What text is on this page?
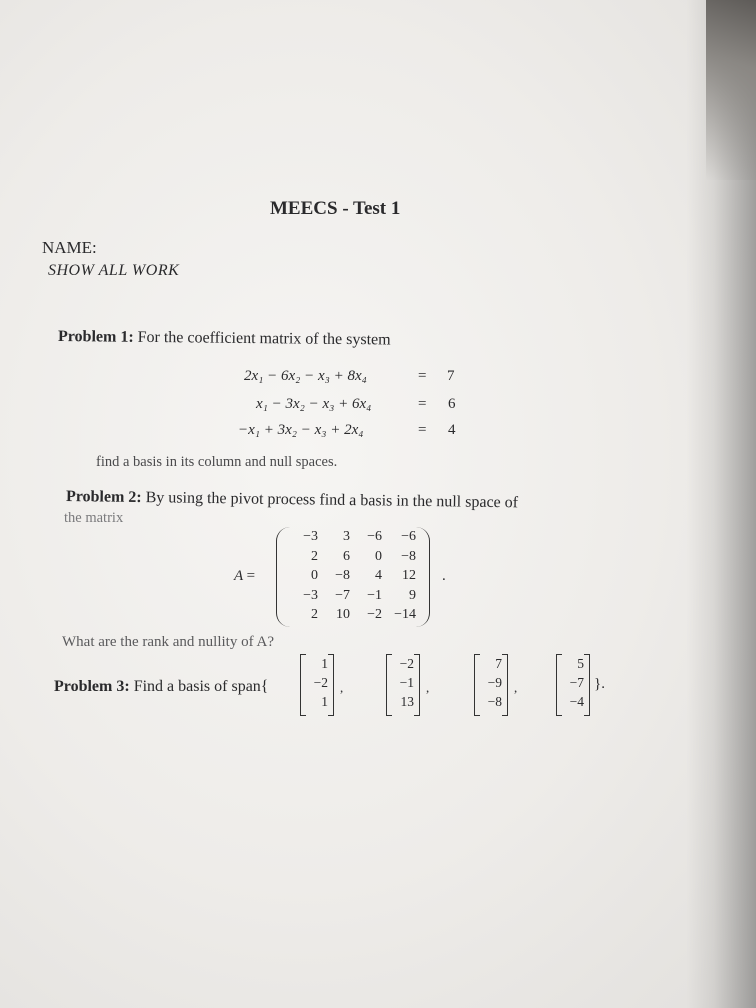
MEECS - Test 1
NAME:
SHOW ALL WORK
Problem 1: For the coefficient matrix of the system
2x₁ − 6x₂ − x₃ + 8x₄	= 7
x₁ − 3x₂ − x₃ + 6x₄	= 6
−x₁ + 3x₂ − x₃ + 2x₄	= 4
find a basis in its column and null spaces.
Problem 2: By using the pivot process find a basis in the null space of
the matrix
A =
−3	3	−6	−6
2	6	0	−8
0	−8	4	12
−3	−7	−1	9
2	10	−2 −14
.
What are the rank and nullity of A?
Problem 3: Find a basis of span{
1
−2
1
,
−2
−1
13
,
7
−9
−8
,
5
−7
−4
}.
